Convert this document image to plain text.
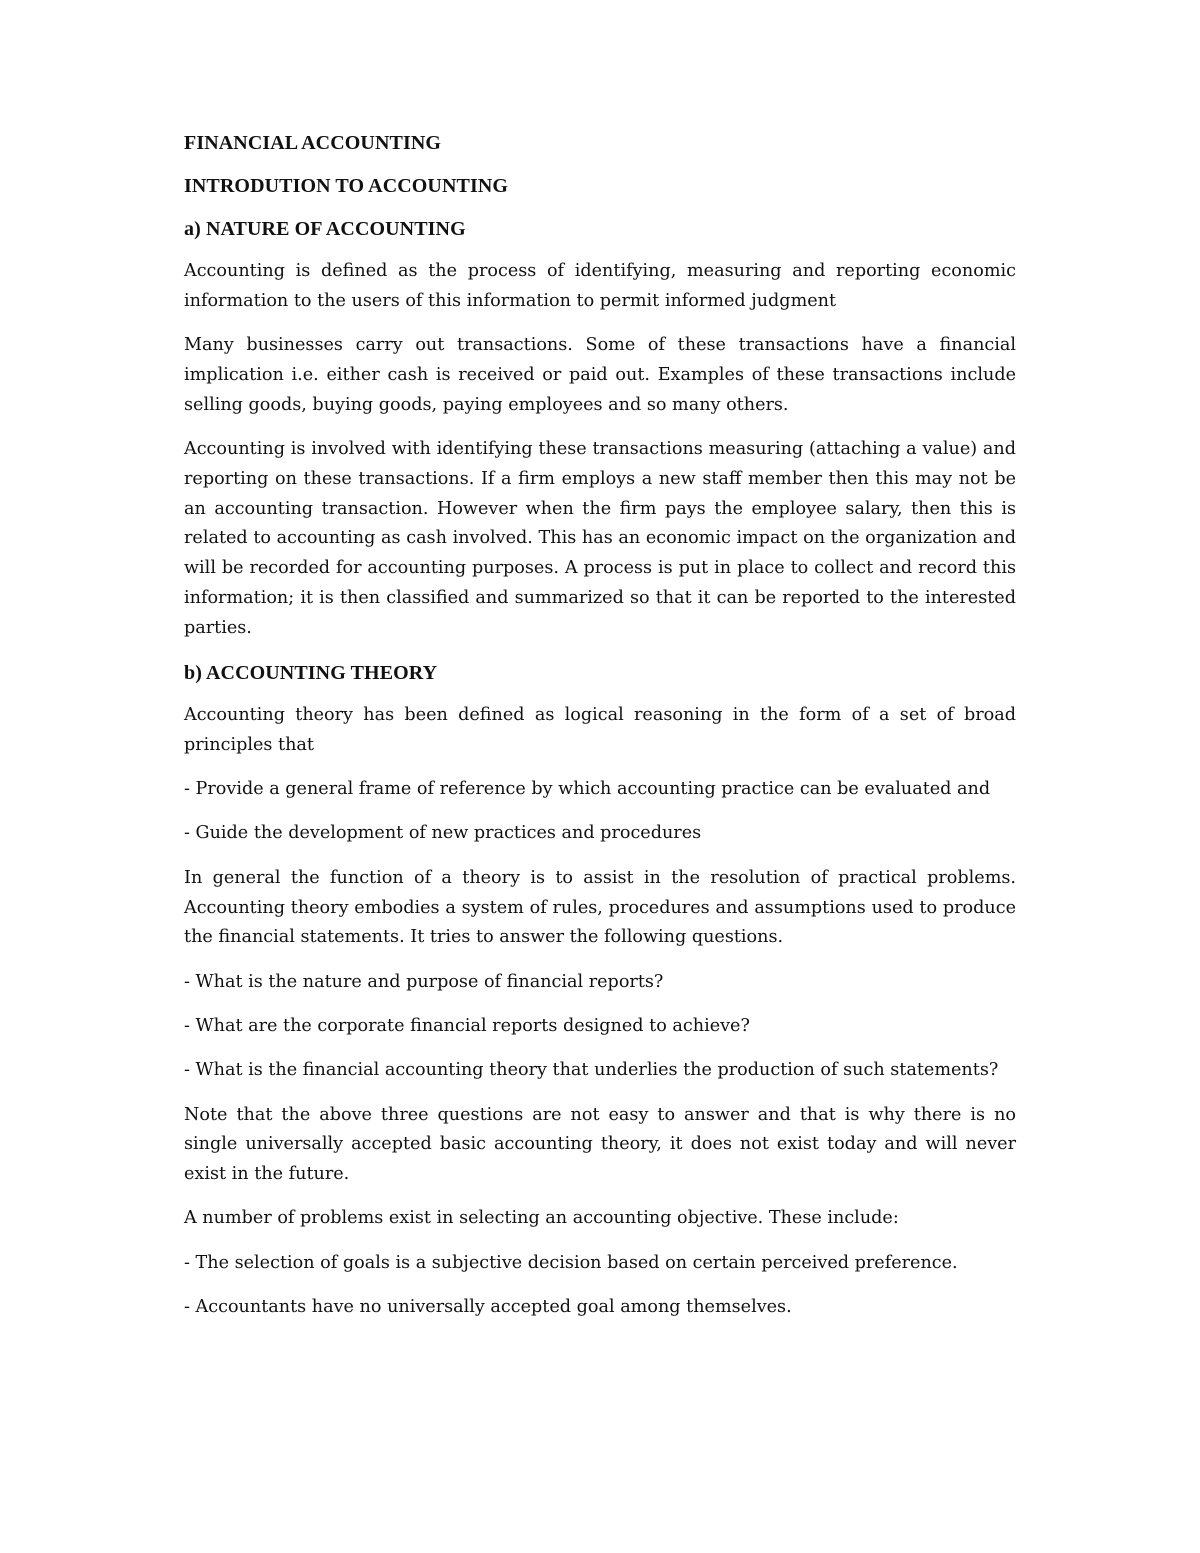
FINANCIAL ACCOUNTING
INTRODUTION TO ACCOUNTING
a) NATURE OF ACCOUNTING

Accounting is defined as the process of identifying, measuring and reporting economic information to the users of this information to permit informed judgment

Many businesses carry out transactions. Some of these transactions have a financial implication i.e. either cash is received or paid out. Examples of these transactions include selling goods, buying goods, paying employees and so many others.

Accounting is involved with identifying these transactions measuring (attaching a value) and reporting on these transactions. If a firm employs a new staff member then this may not be an accounting transaction. However when the firm pays the employee salary, then this is related to accounting as cash involved. This has an economic impact on the organization and will be recorded for accounting purposes. A process is put in place to collect and record this information; it is then classified and summarized so that it can be reported to the interested parties.

b) ACCOUNTING THEORY

Accounting theory has been defined as logical reasoning in the form of a set of broad principles that

- Provide a general frame of reference by which accounting practice can be evaluated and

- Guide the development of new practices and procedures

In general the function of a theory is to assist in the resolution of practical problems. Accounting theory embodies a system of rules, procedures and assumptions used to produce the financial statements. It tries to answer the following questions.

- What is the nature and purpose of financial reports?

- What are the corporate financial reports designed to achieve?

- What is the financial accounting theory that underlies the production of such statements?

Note that the above three questions are not easy to answer and that is why there is no single universally accepted basic accounting theory, it does not exist today and will never exist in the future.

A number of problems exist in selecting an accounting objective. These include:

- The selection of goals is a subjective decision based on certain perceived preference.

- Accountants have no universally accepted goal among themselves.
